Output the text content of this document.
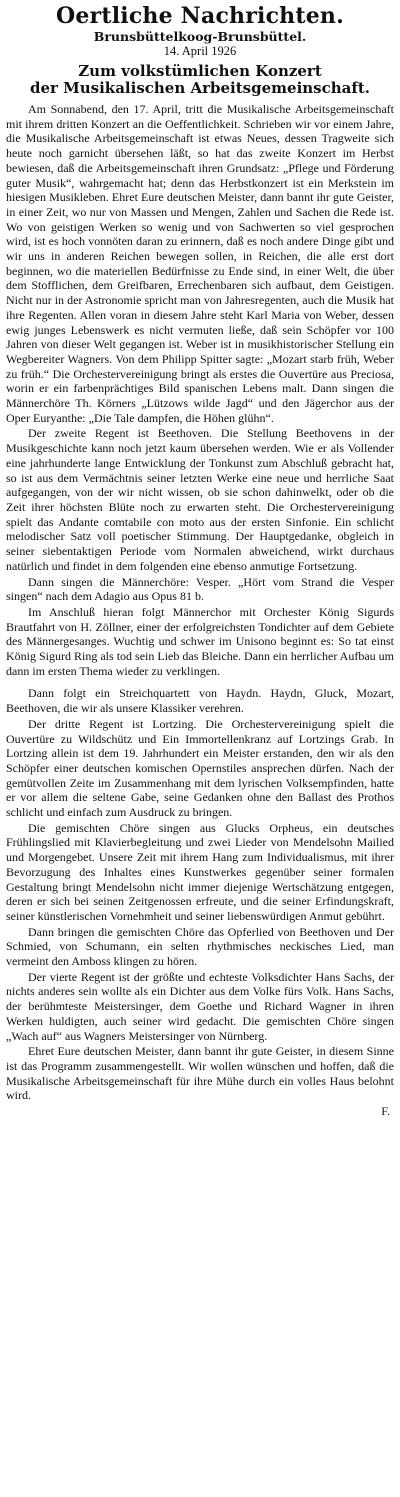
Oertliche Nachrichten.
Brunsbüttelkoog-Brunsbüttel.
14. April 1926
Zum volkstümlichen Konzert
der Musikalischen Arbeitsgemeinschaft.

Am Sonnabend, den 17. April, tritt die Musikalische Arbeitsgemeinschaft mit ihrem dritten Konzert an die Oeffentlichkeit. Schrieben wir vor einem Jahre, die Musikalische Arbeitsgemeinschaft ist etwas Neues, dessen Tragweite sich heute noch garnicht übersehen läßt, so hat das zweite Konzert im Herbst bewiesen, daß die Arbeitsgemeinschaft ihren Grundsatz: „Pflege und Förderung guter Musik“, wahrgemacht hat; denn das Herbstkonzert ist ein Merkstein im hiesigen Musikleben. Ehret Eure deutschen Meister, dann bannt ihr gute Geister, in einer Zeit, wo nur von Massen und Mengen, Zahlen und Sachen die Rede ist. Wo von geistigen Werken so wenig und von Sachwerten so viel gesprochen wird, ist es hoch vonnöten daran zu erinnern, daß es noch andere Dinge gibt und wir uns in anderen Reichen bewegen sollen, in Reichen, die alle erst dort beginnen, wo die materiellen Bedürfnisse zu Ende sind, in einer Welt, die über dem Stofflichen, dem Greifbaren, Errechenbaren sich aufbaut, dem Geistigen. Nicht nur in der Astronomie spricht man von Jahresregenten, auch die Musik hat ihre Regenten. Allen voran in diesem Jahre steht Karl Maria von Weber, dessen ewig junges Lebenswerk es nicht vermuten ließe, daß sein Schöpfer vor 100 Jahren von dieser Welt gegangen ist. Weber ist in musikhistorischer Stellung ein Wegbereiter Wagners. Von dem Philipp Spitter sagte: „Mozart starb früh, Weber zu früh.“ Die Orchestervereinigung bringt als erstes die Ouvertüre aus Preciosa, worin er ein farbenprächtiges Bild spanischen Lebens malt. Dann singen die Männerchöre Th. Körners „Lützows wilde Jagd“ und den Jägerchor aus der Oper Euryanthe: „Die Tale dampfen, die Höhen glühn“.

Der zweite Regent ist Beethoven. Die Stellung Beethovens in der Musikgeschichte kann noch jetzt kaum übersehen werden. Wie er als Vollender eine jahrhunderte lange Entwicklung der Tonkunst zum Abschluß gebracht hat, so ist aus dem Vermächtnis seiner letzten Werke eine neue und herrliche Saat aufgegangen, von der wir nicht wissen, ob sie schon dahinwelkt, oder ob die Zeit ihrer höchsten Blüte noch zu erwarten steht. Die Orchestervereinigung spielt das Andante comtabile con moto aus der ersten Sinfonie. Ein schlicht melodischer Satz voll poetischer Stimmung. Der Hauptgedanke, obgleich in seiner siebentaktigen Periode vom Normalen abweichend, wirkt durchaus natürlich und findet in dem folgenden eine ebenso anmutige Fortsetzung.

Dann singen die Männerchöre: Vesper. „Hört vom Strand die Vesper singen“ nach dem Adagio aus Opus 81 b.

Im Anschluß hieran folgt Männerchor mit Orchester König Sigurds Brautfahrt von H. Zöllner, einer der erfolgreichsten Tondichter auf dem Gebiete des Männergesanges. Wuchtig und schwer im Unisono beginnt es: So tat einst König Sigurd Ring als tod sein Lieb das Bleiche. Dann ein herrlicher Aufbau um dann im ersten Thema wieder zu verklingen.

Dann folgt ein Streichquartett von Haydn. Haydn, Gluck, Mozart, Beethoven, die wir als unsere Klassiker verehren.

Der dritte Regent ist Lortzing. Die Orchestervereinigung spielt die Ouvertüre zu Wildschütz und Ein Immortellenkranz auf Lortzings Grab. In Lortzing allein ist dem 19. Jahrhundert ein Meister erstanden, den wir als den Schöpfer einer deutschen komischen Opernstiles ansprechen dürfen. Nach der gemütvollen Zeite im Zusammenhang mit dem lyrischen Volksempfinden, hatte er vor allem die seltene Gabe, seine Gedanken ohne den Ballast des Prothos schlicht und einfach zum Ausdruck zu bringen.

Die gemischten Chöre singen aus Glucks Orpheus, ein deutsches Frühlingslied mit Klavierbegleitung und zwei Lieder von Mendelsohn Mailied und Morgengebet. Unsere Zeit mit ihrem Hang zum Individualismus, mit ihrer Bevorzugung des Inhaltes eines Kunstwerkes gegenüber seiner formalen Gestaltung bringt Mendelsohn nicht immer diejenige Wertschätzung entgegen, deren er sich bei seinen Zeitgenossen erfreute, und die seiner Erfindungskraft, seiner künstlerischen Vornehmheit und seiner liebenswürdigen Anmut gebührt.

Dann bringen die gemischten Chöre das Opferlied von Beethoven und Der Schmied, von Schumann, ein selten rhythmisches neckisches Lied, man vermeint den Amboss klingen zu hören.

Der vierte Regent ist der größte und echteste Volksdichter Hans Sachs, der nichts anderes sein wollte als ein Dichter aus dem Volke fürs Volk. Hans Sachs, der berühmteste Meistersinger, dem Goethe und Richard Wagner in ihren Werken huldigten, auch seiner wird gedacht. Die gemischten Chöre singen „Wach auf“ aus Wagners Meistersinger von Nürnberg.

Ehret Eure deutschen Meister, dann bannt ihr gute Geister, in diesem Sinne ist das Programm zusammengestellt. Wir wollen wünschen und hoffen, daß die Musikalische Arbeitsgemeinschaft für ihre Mühe durch ein volles Haus belohnt wird.

F.
